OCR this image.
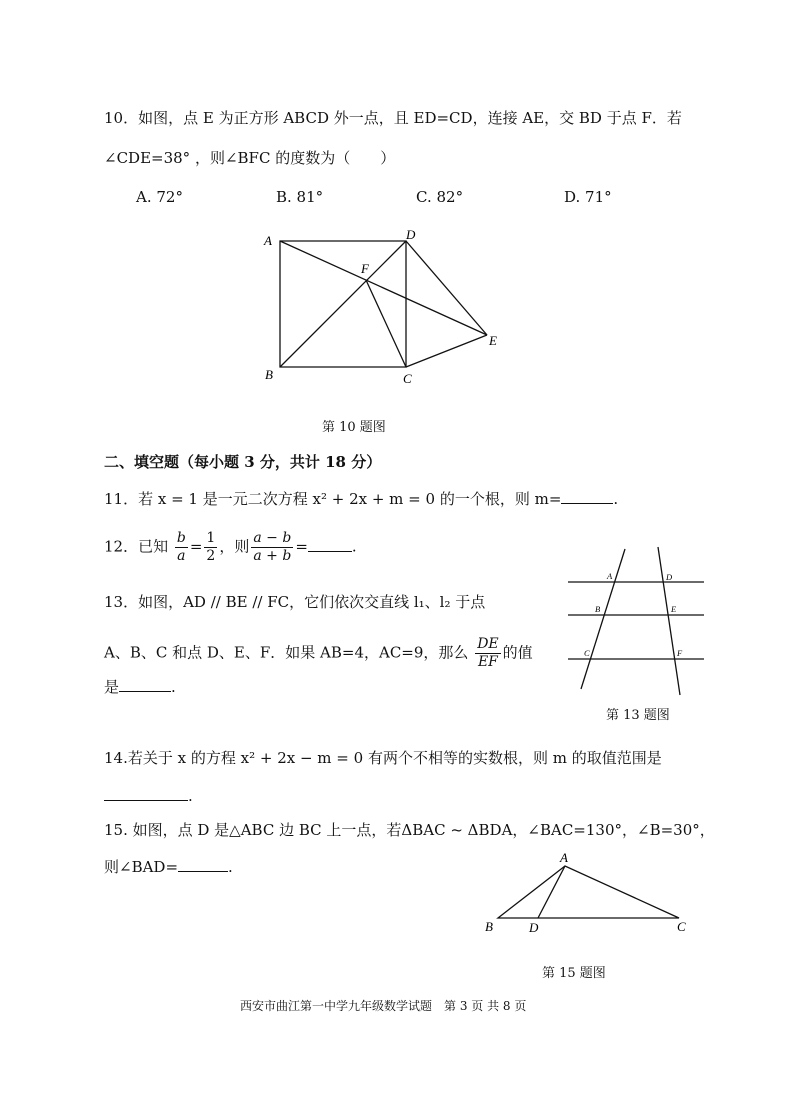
10．如图，点 E 为正方形 ABCD 外一点，且 ED=CD，连接 AE，交 BD 于点 F．若
∠CDE=38° ，则∠BFC 的度数为（　　）
A. 72°	B. 81°	C. 82°	D. 71°
A	D
F
E
B	C
第 10 题图
二、填空题（每小题 3 分，共计 18 分）
11．若 x = 1 是一元二次方程 x² + 2x + m = 0 的一个根，则 m=	.
12．已知 $\frac{b}{a} = \frac{1}{2}$ ，则 $\frac{a - b}{a + b}$ =	.
13．如图，AD // BE // FC，它们依次交直线 l₁、l₂ 于点
A、B、C 和点 D、E、F．如果 AB=4，AC=9，那么 $\frac{DE}{EF}$ 的值
是	.
A	D
B	E
C	F
第 13 题图
14.若关于 x 的方程 x² + 2x − m = 0 有两个不相等的实数根，则 m 的取值范围是
.
15. 如图，点 D 是△ABC 边 BC 上一点，若ΔBAC ~ ΔBDA，∠BAC=130°，∠B=30°，
则∠BAD=	.
A
B	D	C
第 15 题图
西安市曲江第一中学九年级数学试题　第 3 页 共 8 页
